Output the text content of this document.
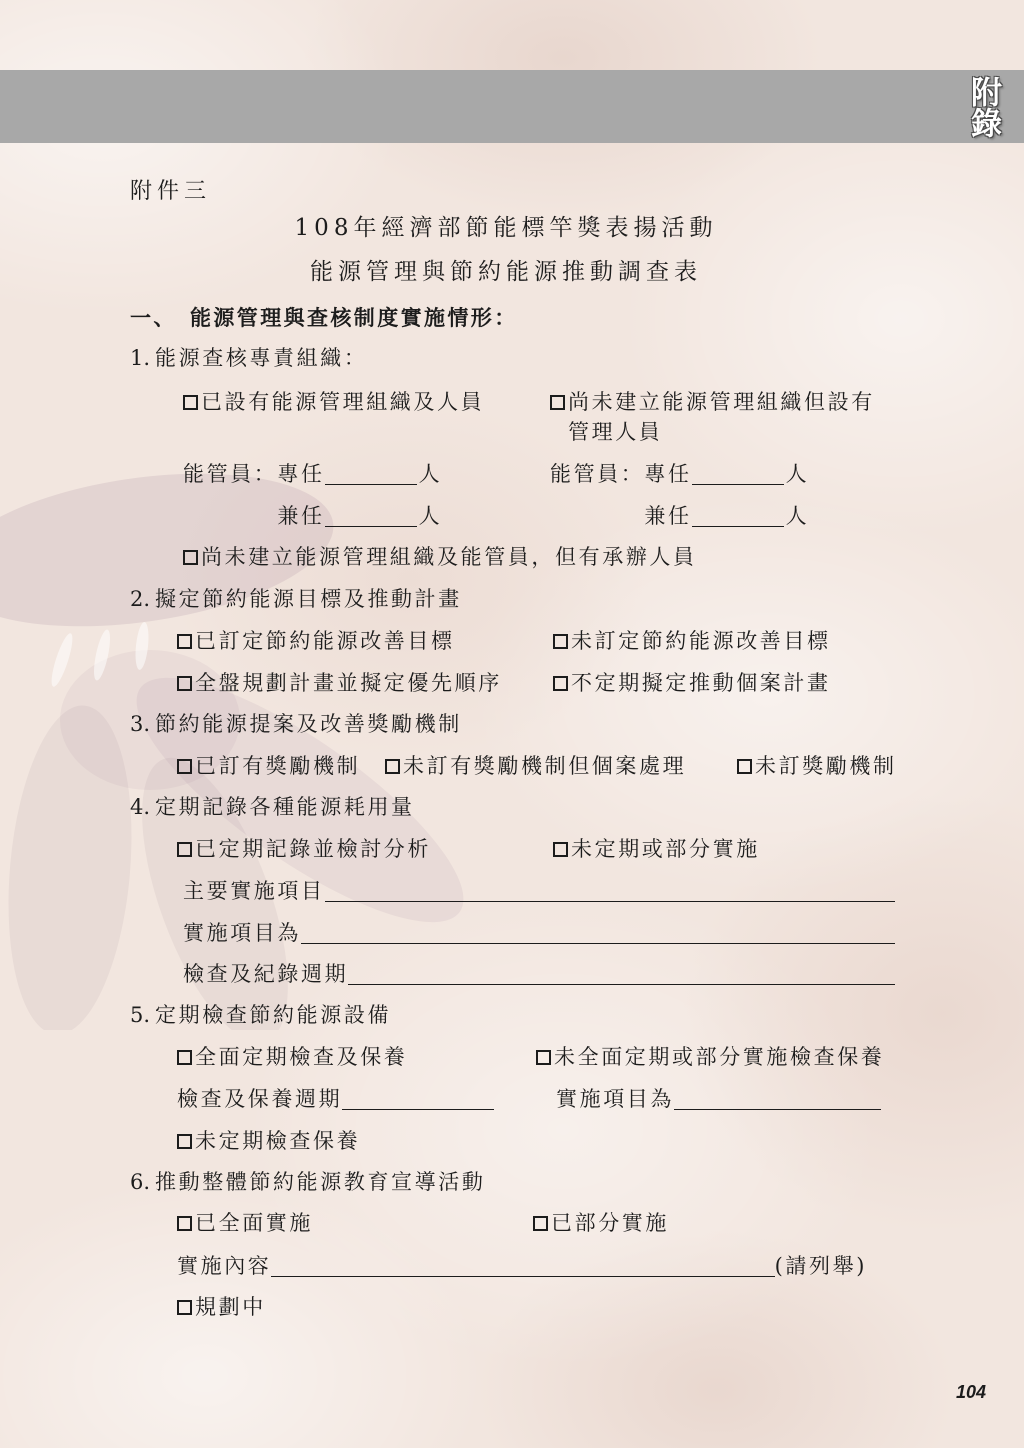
附錄
附件三
108年經濟部節能標竿獎表揚活動
能源管理與節約能源推動調查表
一、 能源管理與查核制度實施情形：
1. 能源查核專責組織：
已設有能源管理組織及人員	尚未建立能源管理組織但設有
管理人員
能管員： 專任	人
兼任	人
能管員： 專任	人
兼任	人
尚未建立能源管理組織及能管員，但有承辦人員
2. 擬定節約能源目標及推動計畫
已訂定節約能源改善目標	未訂定節約能源改善目標
全盤規劃計畫並擬定優先順序	不定期擬定推動個案計畫
3. 節約能源提案及改善獎勵機制
已訂有獎勵機制 未訂有獎勵機制但個案處理	未訂獎勵機制
4. 定期記錄各種能源耗用量
已定期記錄並檢討分析	未定期或部分實施
主要實施項目
實施項目為
檢查及紀錄週期
5. 定期檢查節約能源設備
全面定期檢查及保養	未全面定期或部分實施檢查保養
檢查及保養週期	實施項目為
未定期檢查保養
6. 推動整體節約能源教育宣導活動
已全面實施	已部分實施
實施內容	(請列舉)
規劃中
104
